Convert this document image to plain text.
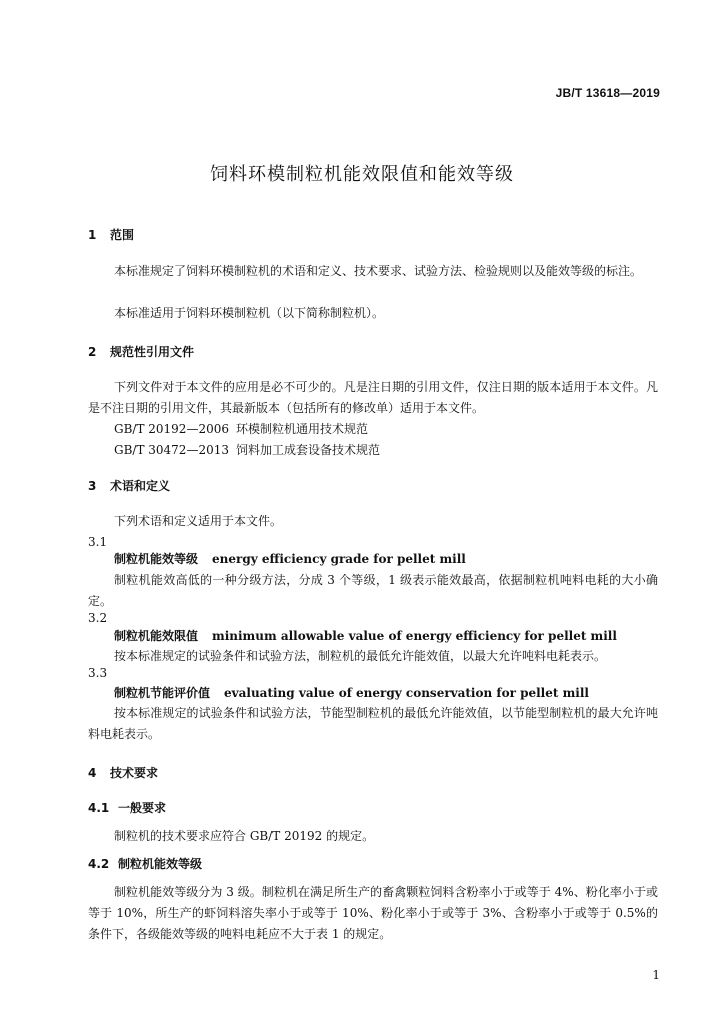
JB/T 13618—2019
饲料环模制粒机能效限值和能效等级
1 范围
本标准规定了饲料环模制粒机的术语和定义、技术要求、试验方法、检验规则以及能效等级的标注。
本标准适用于饲料环模制粒机（以下简称制粒机）。
2 规范性引用文件
下列文件对于本文件的应用是必不可少的。凡是注日期的引用文件，仅注日期的版本适用于本文件。凡是不注日期的引用文件，其最新版本（包括所有的修改单）适用于本文件。
GB/T 20192—2006 环模制粒机通用技术规范
GB/T 30472—2013 饲料加工成套设备技术规范
3 术语和定义
下列术语和定义适用于本文件。
3.1
制粒机能效等级 energy efficiency grade for pellet mill
制粒机能效高低的一种分级方法，分成 3 个等级，1 级表示能效最高，依据制粒机吨料电耗的大小确定。
3.2
制粒机能效限值 minimum allowable value of energy efficiency for pellet mill
按本标准规定的试验条件和试验方法，制粒机的最低允许能效值，以最大允许吨料电耗表示。
3.3
制粒机节能评价值 evaluating value of energy conservation for pellet mill
按本标准规定的试验条件和试验方法，节能型制粒机的最低允许能效值，以节能型制粒机的最大允许吨料电耗表示。
4 技术要求
4.1 一般要求
制粒机的技术要求应符合 GB/T 20192 的规定。
4.2 制粒机能效等级
制粒机能效等级分为 3 级。制粒机在满足所生产的畜禽颗粒饲料含粉率小于或等于 4%、粉化率小于或等于 10%，所生产的虾饲料溶失率小于或等于 10%、粉化率小于或等于 3%、含粉率小于或等于 0.5%的条件下，各级能效等级的吨料电耗应不大于表 1 的规定。
1
